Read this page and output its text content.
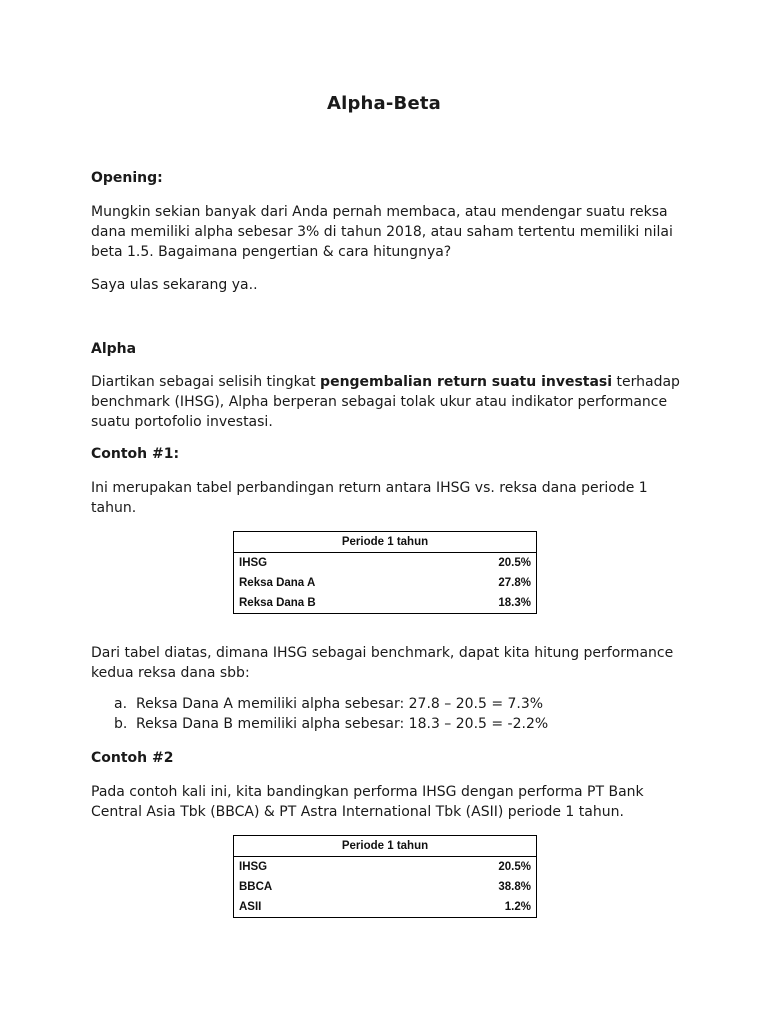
Alpha-Beta
Opening:
Mungkin sekian banyak dari Anda pernah membaca, atau mendengar suatu reksa
dana memiliki alpha sebesar 3% di tahun 2018, atau saham tertentu memiliki nilai
beta 1.5. Bagaimana pengertian & cara hitungnya?
Saya ulas sekarang ya..
Alpha
Diartikan sebagai selisih tingkat pengembalian return suatu investasi terhadap
benchmark (IHSG), Alpha berperan sebagai tolak ukur atau indikator performance
suatu portofolio investasi.
Contoh #1:
Ini merupakan tabel perbandingan return antara IHSG vs. reksa dana periode 1
tahun.
Periode 1 tahun
IHSG	20.5%
Reksa Dana A	27.8%
Reksa Dana B	18.3%
Dari tabel diatas, dimana IHSG sebagai benchmark, dapat kita hitung performance
kedua reksa dana sbb:
a. Reksa Dana A memiliki alpha sebesar: 27.8 – 20.5 = 7.3%
b. Reksa Dana B memiliki alpha sebesar: 18.3 – 20.5 = -2.2%
Contoh #2
Pada contoh kali ini, kita bandingkan performa IHSG dengan performa PT Bank
Central Asia Tbk (BBCA) & PT Astra International Tbk (ASII) periode 1 tahun.
Periode 1 tahun
IHSG	20.5%
BBCA	38.8%
ASII	1.2%
